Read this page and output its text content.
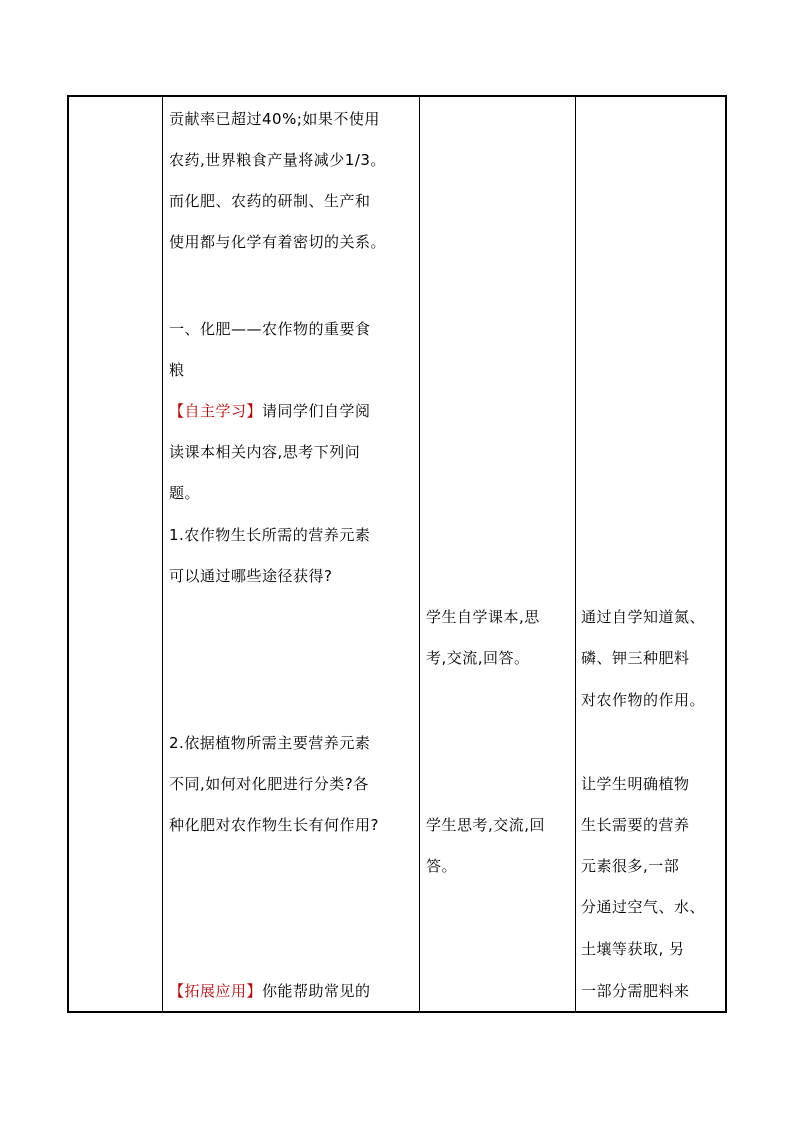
贡献率已超过40%;如果不使用
农药,世界粮食产量将减少1/3。
而化肥、农药的研制、生产和
使用都与化学有着密切的关系。
一、化肥——农作物的重要食
粮
【自主学习】请同学们自学阅
读课本相关内容,思考下列问
题。
1.农作物生长所需的营养元素
可以通过哪些途径获得?
2.依据植物所需主要营养元素
不同,如何对化肥进行分类?各
种化肥对农作物生长有何作用?
【拓展应用】你能帮助常见的
学生自学课本,思
考,交流,回答。
学生思考,交流,回
答。
通过自学知道氮、
磷、钾三种肥料
对农作物的作用。
让学生明确植物
生长需要的营养
元素很多,一部
分通过空气、水、
土壤等获取, 另
一部分需肥料来
